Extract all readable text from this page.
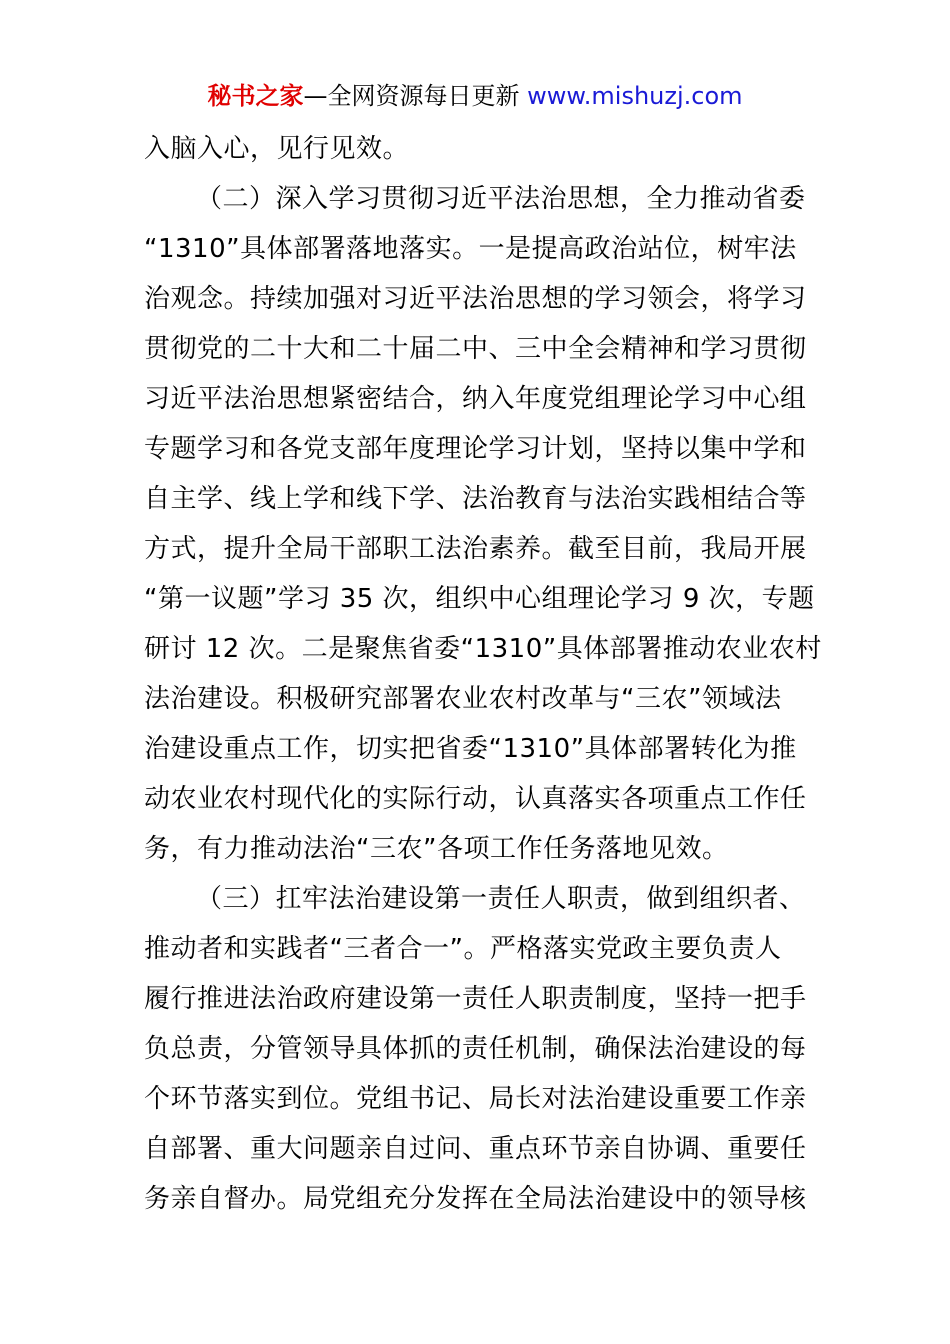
秘书之家—全网资源每日更新 www.mishuzj.com
入脑入心，见行见效。
（二）深入学习贯彻习近平法治思想，全力推动省委
“1310”具体部署落地落实。一是提高政治站位，树牢法
治观念。持续加强对习近平法治思想的学习领会，将学习
贯彻党的二十大和二十届二中、三中全会精神和学习贯彻
习近平法治思想紧密结合，纳入年度党组理论学习中心组
专题学习和各党支部年度理论学习计划，坚持以集中学和
自主学、线上学和线下学、法治教育与法治实践相结合等
方式，提升全局干部职工法治素养。截至目前，我局开展
“第一议题”学习 35 次，组织中心组理论学习 9 次，专题
研讨 12 次。二是聚焦省委“1310”具体部署推动农业农村
法治建设。积极研究部署农业农村改革与“三农”领域法
治建设重点工作，切实把省委“1310”具体部署转化为推
动农业农村现代化的实际行动，认真落实各项重点工作任
务，有力推动法治“三农”各项工作任务落地见效。
（三）扛牢法治建设第一责任人职责，做到组织者、
推动者和实践者“三者合一”。严格落实党政主要负责人
履行推进法治政府建设第一责任人职责制度，坚持一把手
负总责，分管领导具体抓的责任机制，确保法治建设的每
个环节落实到位。党组书记、局长对法治建设重要工作亲
自部署、重大问题亲自过问、重点环节亲自协调、重要任
务亲自督办。局党组充分发挥在全局法治建设中的领导核
